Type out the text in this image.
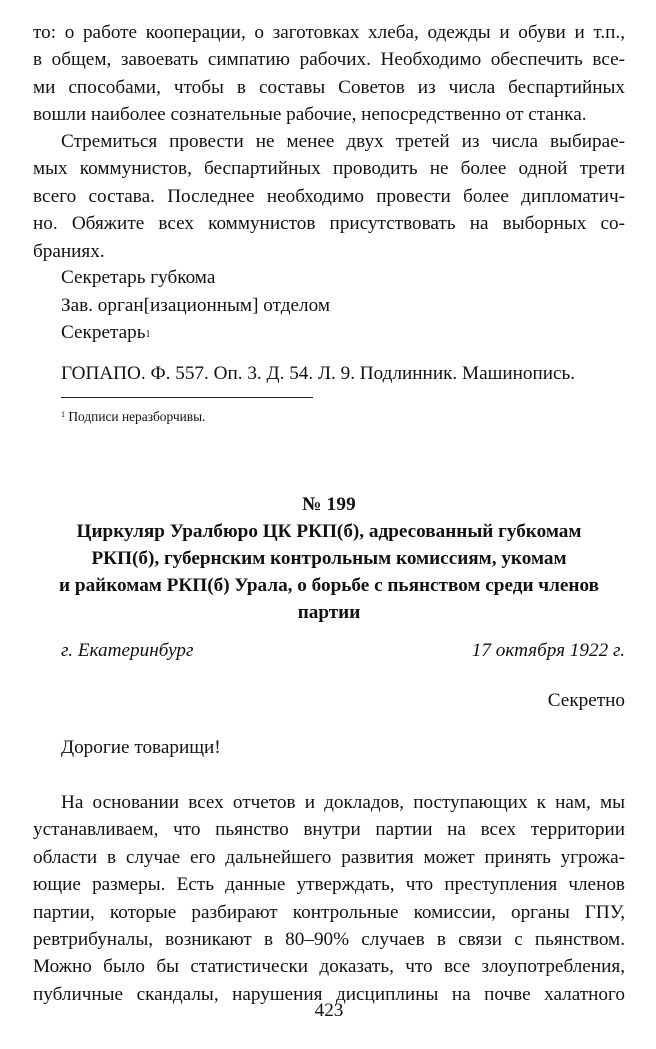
то: о работе кооперации, о заготовках хлеба, одежды и обуви и т.п.,
в общем, завоевать симпатию рабочих. Необходимо обеспечить все-
ми способами, чтобы в составы Советов из числа беспартийных
вошли наиболее сознательные рабочие, непосредственно от станка.
Стремиться провести не менее двух третей из числа выбирае-
мых коммунистов, беспартийных проводить не более одной трети
всего состава. Последнее необходимо провести более дипломатич-
но. Обяжите всех коммунистов присутствовать на выборных со-
браниях.
Секретарь губкома
Зав. орган[изационным] отделом
Секретарь$^1$
ГОПАПО. Ф. 557. Оп. 3. Д. 54. Л. 9. Подлинник. Машинопись.
$^1$ Подписи неразборчивы.
№ 199
Циркуляр Уралбюро ЦК РКП(б), адресованный губкомам
РКП(б), губернским контрольным комиссиям, укомам
и райкомам РКП(б) Урала, о борьбе с пьянством среди членов
партии
г. Екатеринбург	17 октября 1922 г.
Секретно
Дорогие товарищи!
На основании всех отчетов и докладов, поступающих к нам, мы
устанавливаем, что пьянство внутри партии на всех территории
области в случае его дальнейшего развития может принять угрожа-
ющие размеры. Есть данные утверждать, что преступления членов
партии, которые разбирают контрольные комиссии, органы ГПУ,
ревтрибуналы, возникают в 80–90% случаев в связи с пьянством.
Можно было бы статистически доказать, что все злоупотребления,
публичные скандалы, нарушения дисциплины на почве халатного
423
